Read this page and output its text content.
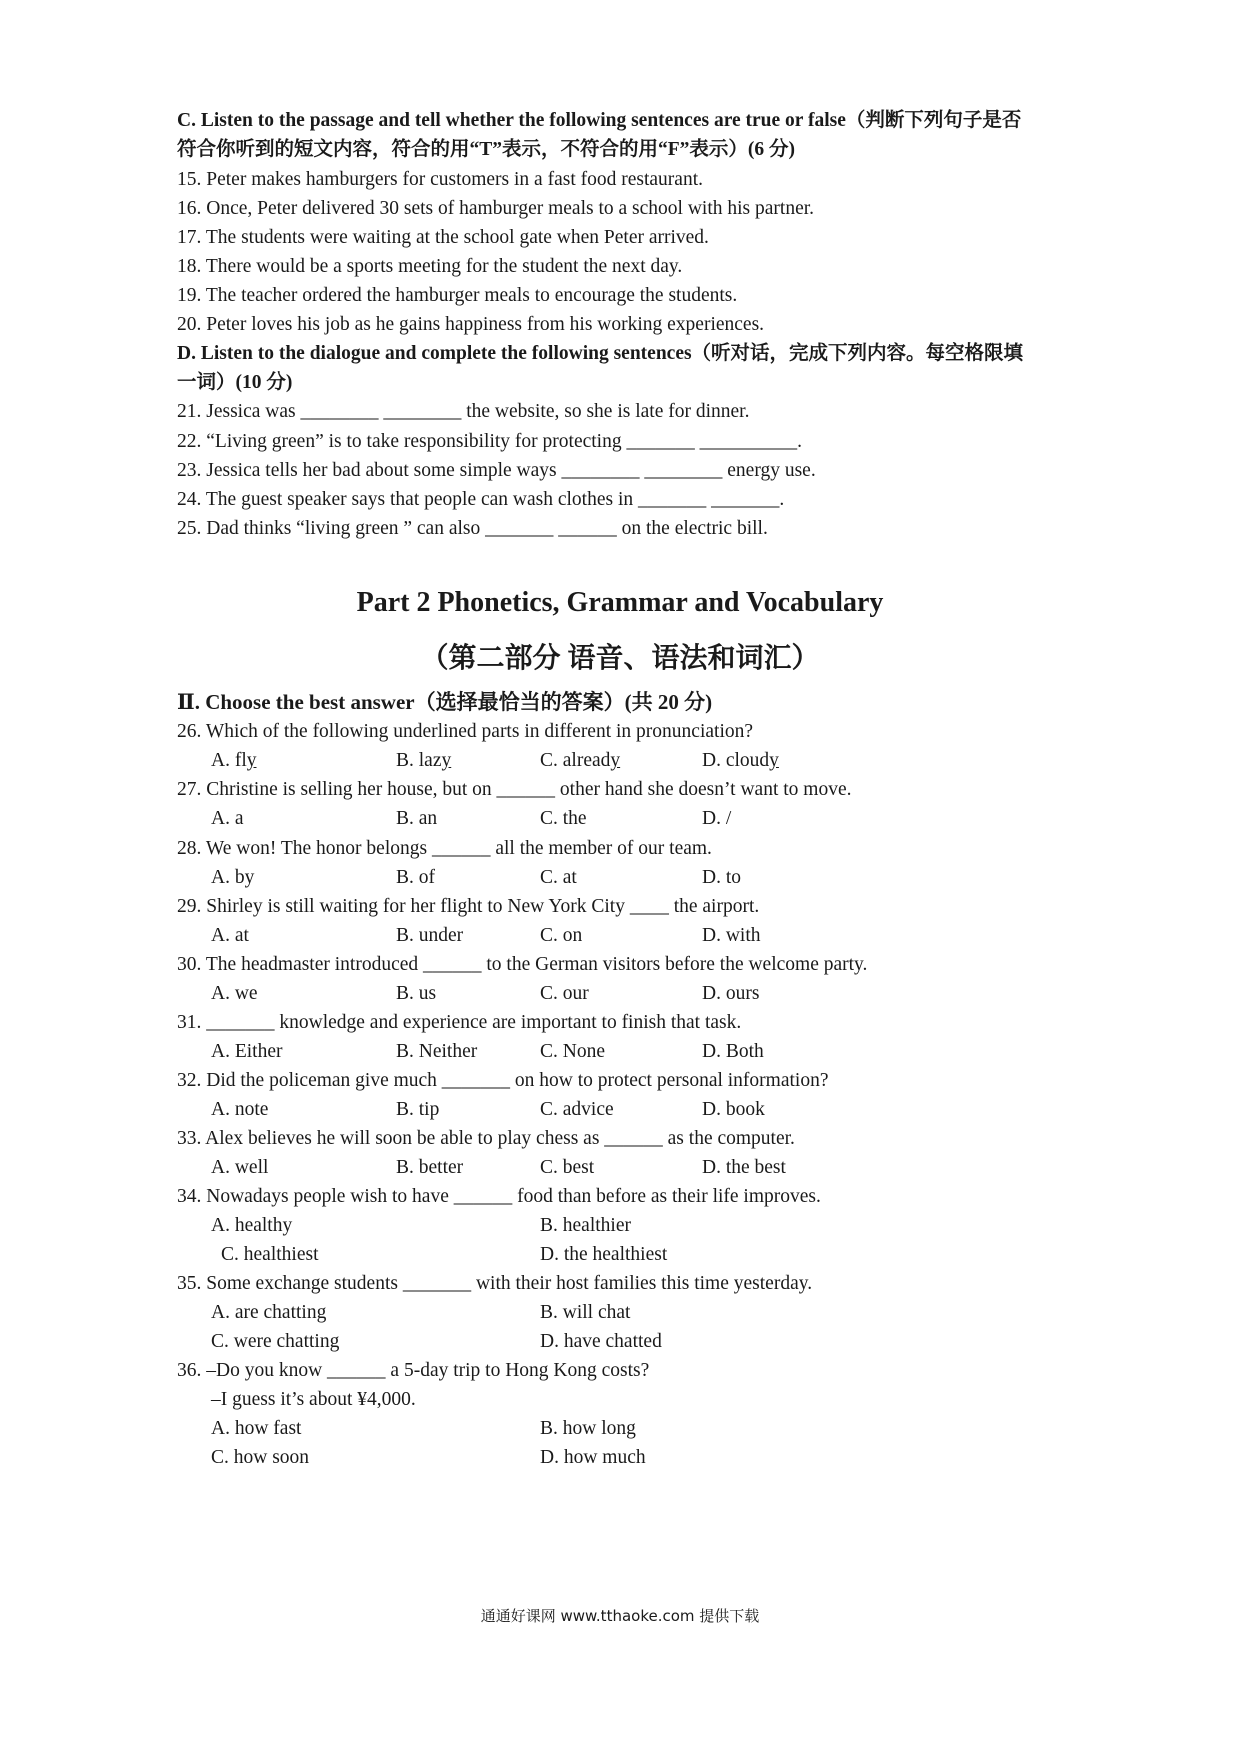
C. Listen to the passage and tell whether the following sentences are true or false（判断下列句子是否
符合你听到的短文内容，符合的用“T”表示，不符合的用“F”表示）(6 分)
15. Peter makes hamburgers for customers in a fast food restaurant.
16. Once, Peter delivered 30 sets of hamburger meals to a school with his partner.
17. The students were waiting at the school gate when Peter arrived.
18. There would be a sports meeting for the student the next day.
19. The teacher ordered the hamburger meals to encourage the students.
20. Peter loves his job as he gains happiness from his working experiences.
D. Listen to the dialogue and complete the following sentences（听对话，完成下列内容。每空格限填
一词）(10 分)
21. Jessica was ________ ________ the website, so she is late for dinner.
22. “Living green” is to take responsibility for protecting _______ __________.
23. Jessica tells her bad about some simple ways ________ ________ energy use.
24. The guest speaker says that people can wash clothes in _______ _______.
25. Dad thinks “living green ” can also _______ ______ on the electric bill.
Part 2 Phonetics, Grammar and Vocabulary
（第二部分 语音、语法和词汇）
Ⅱ. Choose the best answer（选择最恰当的答案）(共 20 分)
26. Which of the following underlined parts in different in pronunciation?
A. fly	B. lazy	C. already	D. cloudy
27. Christine is selling her house, but on ______ other hand she doesn’t want to move.
A. a	B. an	C. the	D. /
28. We won! The honor belongs ______ all the member of our team.
A. by	B. of	C. at	D. to
29. Shirley is still waiting for her flight to New York City ____ the airport.
A. at	B. under	C. on	D. with
30. The headmaster introduced ______ to the German visitors before the welcome party.
A. we	B. us	C. our	D. ours
31. _______ knowledge and experience are important to finish that task.
A. Either	B. Neither	C. None	D. Both
32. Did the policeman give much _______ on how to protect personal information?
A. note	B. tip	C. advice	D. book
33. Alex believes he will soon be able to play chess as ______ as the computer.
A. well	B. better	C. best	D. the best
34. Nowadays people wish to have ______ food than before as their life improves.
A. healthy	B. healthier
C. healthiest	D. the healthiest
35. Some exchange students _______ with their host families this time yesterday.
A. are chatting	B. will chat
C. were chatting	D. have chatted
36. –Do you know ______ a 5-day trip to Hong Kong costs?
–I guess it’s about ¥4,000.
A. how fast	B. how long
C. how soon	D. how much
通通好课网 www.tthaoke.com 提供下载
